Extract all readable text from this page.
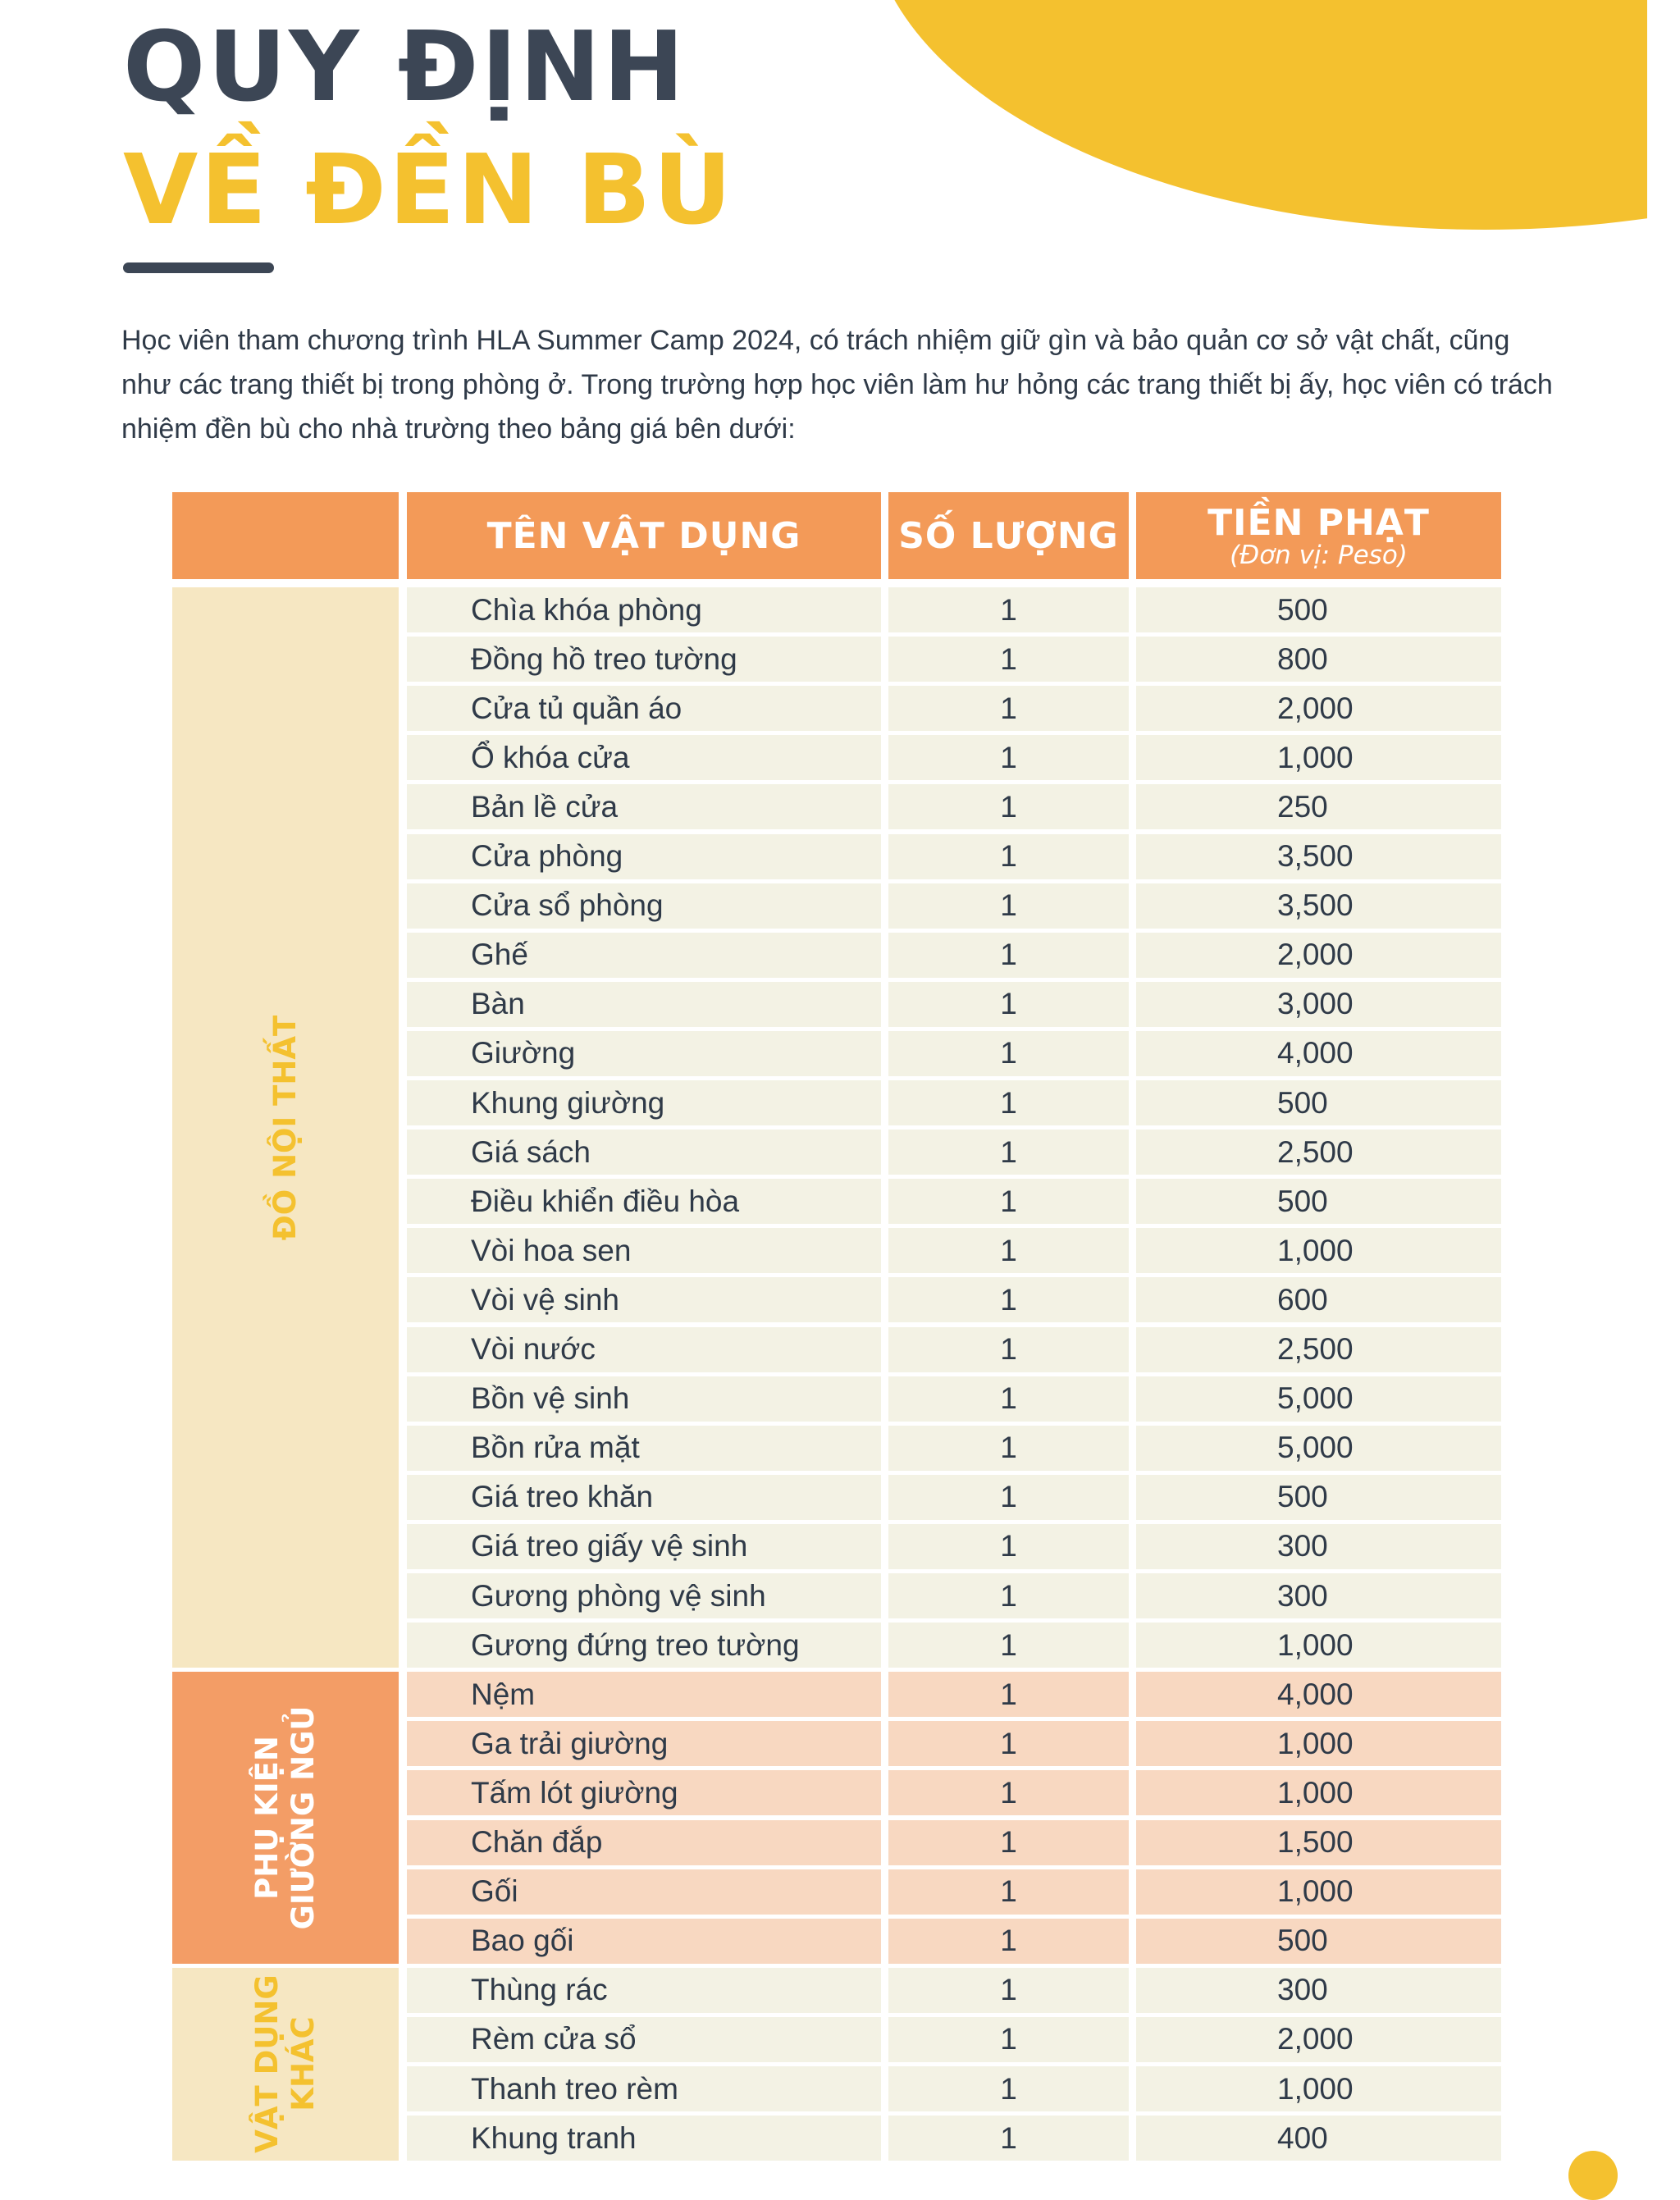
QUY ĐỊNH
VỀ ĐỀN BÙ

Học viên tham chương trình HLA Summer Camp 2024, có trách nhiệm giữ gìn và bảo quản cơ sở vật chất, cũng như các trang thiết bị trong phòng ở. Trong trường hợp học viên làm hư hỏng các trang thiết bị ấy, học viên có trách nhiệm đền bù cho nhà trường theo bảng giá bên dưới:

TÊN VẬT DỤNG	SỐ LƯỢNG TIỀN PHẠT
(Đơn vị: Peso)
ĐỒ NỘI THẤT
Chìa khóa phòng	1	500
Đồng hồ treo tường	1	800
Cửa tủ quần áo	1	2,000
Ổ khóa cửa	1	1,000
Bản lề cửa	1	250
Cửa phòng	1	3,500
Cửa sổ phòng	1	3,500
Ghế	1	2,000
Bàn	1	3,000
Giường	1	4,000
Khung giường	1	500
Giá sách	1	2,500
Điều khiển điều hòa	1	500
Vòi hoa sen	1	1,000
Vòi vệ sinh	1	600
Vòi nước	1	2,500
Bồn vệ sinh	1	5,000
Bồn rửa mặt	1	5,000
Giá treo khăn	1	500
Giá treo giấy vệ sinh	1	300
Gương phòng vệ sinh	1	300
Gương đứng treo tường	1	1,000
PHỤ KIỆN
GIƯỜNG NGỦ
Nệm	1	4,000
Ga trải giường	1	1,000
Tấm lót giường	1	1,000
Chăn đắp	1	1,500
Gối	1	1,000
Bao gối	1	500
VẬT DỤNG
KHÁC
Thùng rác	1	300
Rèm cửa sổ	1	2,000
Thanh treo rèm	1	1,000
Khung tranh	1	400
